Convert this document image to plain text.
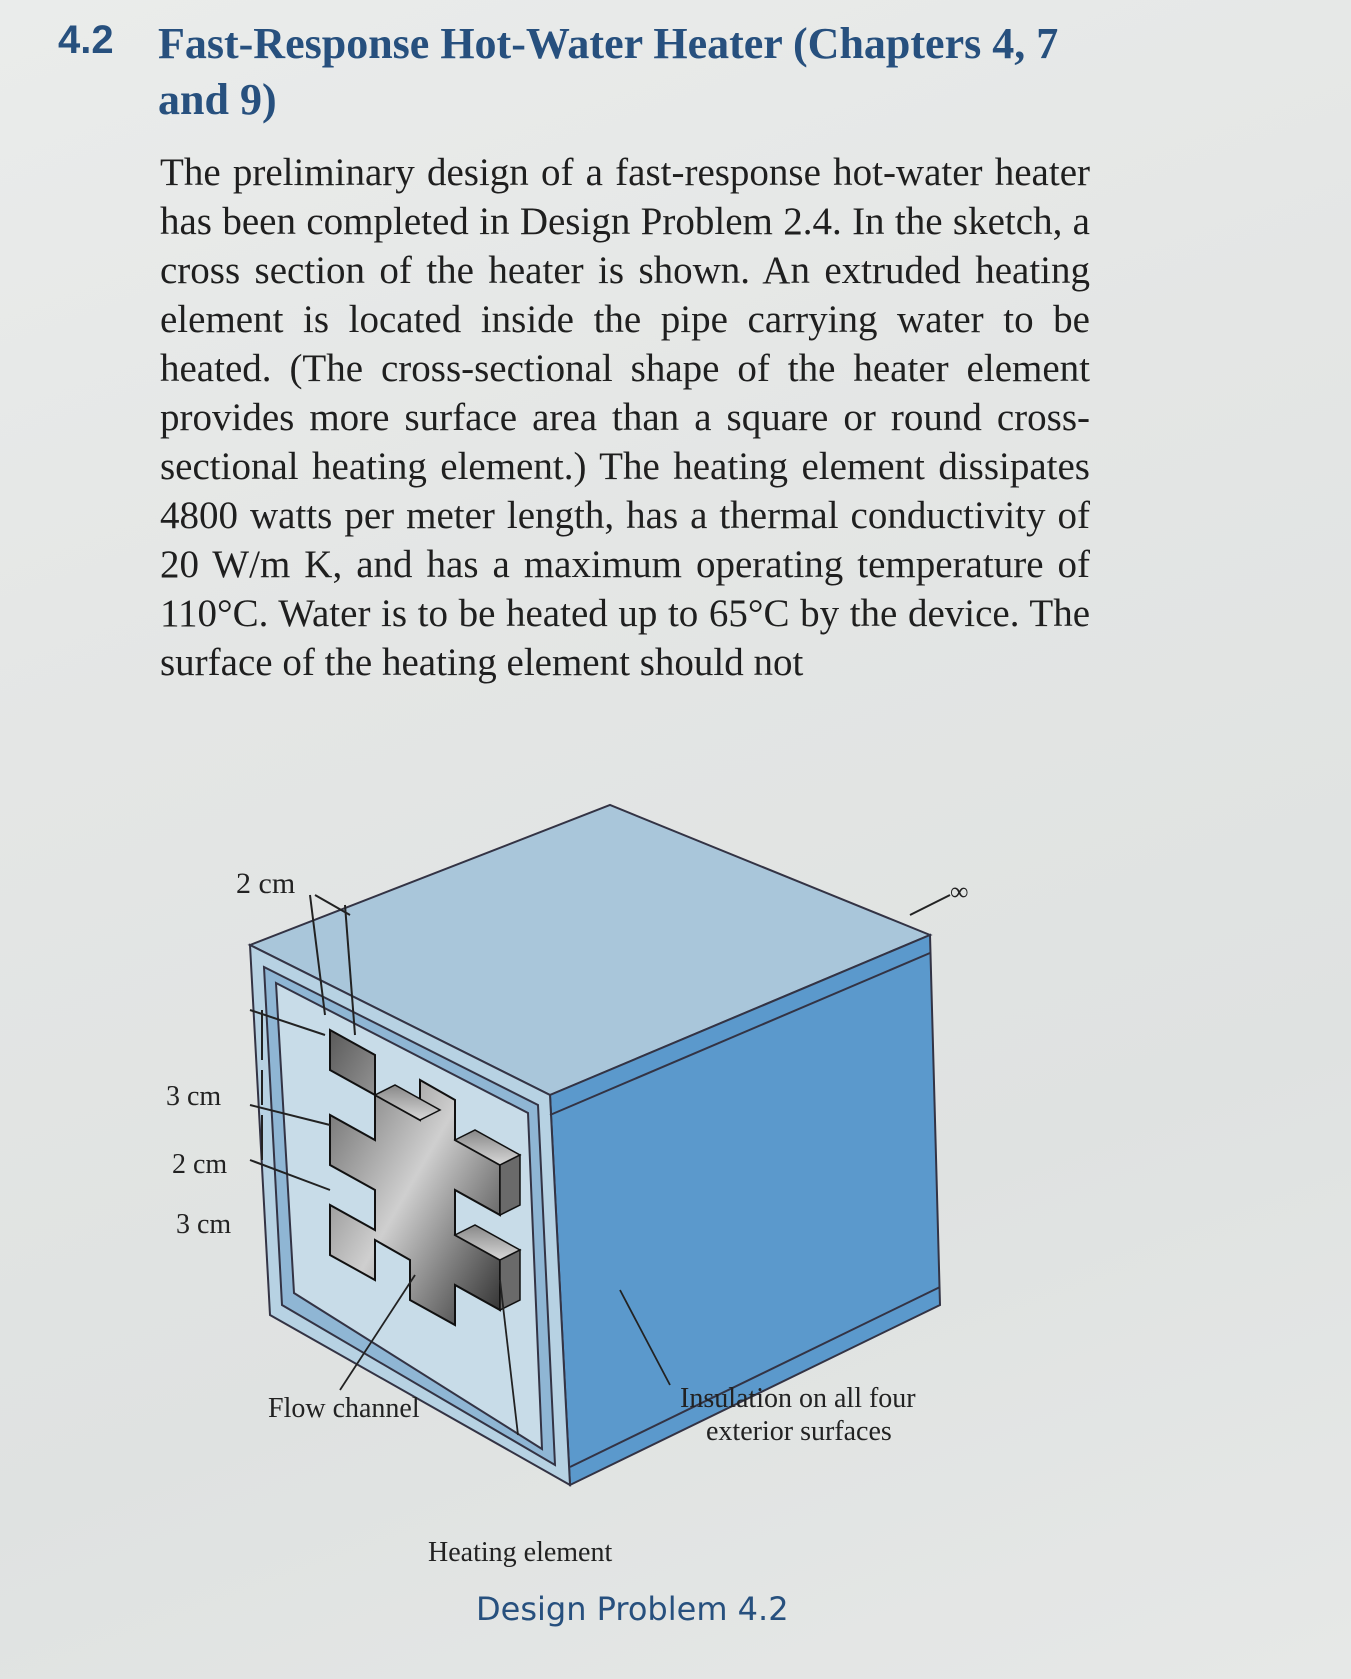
4.2 Fast-Response Hot-Water Heater (Chapters 4, 7 and 9)

The preliminary design of a fast-response hot-water heater has been completed in Design Problem 2.4. In the sketch, a cross section of the heater is shown. An extruded heating element is located inside the pipe carrying water to be heated. (The cross-sectional shape of the heater element provides more surface area than a square or round cross-sectional heating element.) The heating element dissipates 4800 watts per meter length, has a thermal conductivity of 20 W/m K, and has a maximum operating temperature of 110°C. Water is to be heated up to 65°C by the device. The surface of the heating element should not

2 cm
3 cm
2 cm
3 cm
∞
Flow channel	Insulation on all four
exterior surfaces
Heating element
Design Problem 4.2
